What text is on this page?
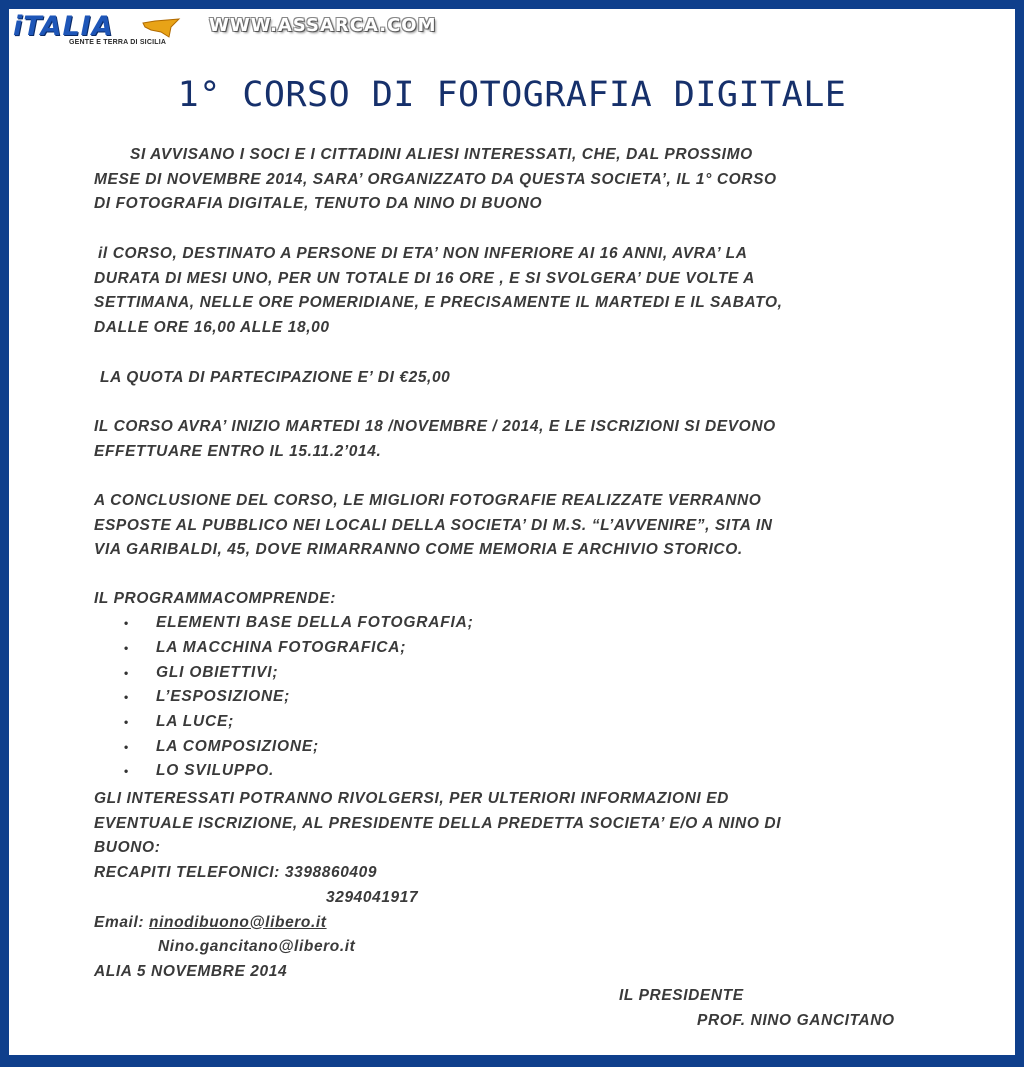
iTALIA
GENTE E TERRA DI SICILIA
WWW.ASSARCA.COM
1° CORSO DI FOTOGRAFIA DIGITALE
SI AVVISANO I SOCI E I CITTADINI ALIESI INTERESSATI, CHE, DAL PROSSIMO
MESE DI NOVEMBRE 2014, SARA’ ORGANIZZATO DA QUESTA SOCIETA’, IL 1° CORSO
DI FOTOGRAFIA DIGITALE, TENUTO DA NINO DI BUONO
il CORSO, DESTINATO A PERSONE DI ETA’ NON INFERIORE AI 16 ANNI, AVRA’ LA
DURATA DI MESI UNO, PER UN TOTALE DI 16 ORE , E SI SVOLGERA’ DUE VOLTE A
SETTIMANA, NELLE ORE POMERIDIANE, E PRECISAMENTE IL MARTEDI E IL SABATO,
DALLE ORE 16,00 ALLE 18,00
LA QUOTA DI PARTECIPAZIONE E’ DI €25,00
IL CORSO AVRA’ INIZIO MARTEDI 18 /NOVEMBRE / 2014, E LE ISCRIZIONI SI DEVONO
EFFETTUARE ENTRO IL 15.11.2’014.
A CONCLUSIONE DEL CORSO, LE MIGLIORI FOTOGRAFIE REALIZZATE VERRANNO
ESPOSTE AL PUBBLICO NEI LOCALI DELLA SOCIETA’ DI M.S. “L’AVVENIRE”, SITA IN
VIA GARIBALDI, 45, DOVE RIMARRANNO COME MEMORIA E ARCHIVIO STORICO.
IL PROGRAMMACOMPRENDE:
•	ELEMENTI BASE DELLA FOTOGRAFIA;
•	LA MACCHINA FOTOGRAFICA;
•	GLI OBIETTIVI;
•	L’ESPOSIZIONE;
•	LA LUCE;
•	LA COMPOSIZIONE;
•	LO SVILUPPO.
GLI INTERESSATI POTRANNO RIVOLGERSI, PER ULTERIORI INFORMAZIONI ED
EVENTUALE ISCRIZIONE, AL PRESIDENTE DELLA PREDETTA SOCIETA’ E/O A NINO DI
BUONO:
RECAPITI TELEFONICI: 3398860409
3294041917
Email: ninodibuono@libero.it
Nino.gancitano@libero.it
ALIA 5 NOVEMBRE 2014
IL PRESIDENTE
PROF. NINO GANCITANO
